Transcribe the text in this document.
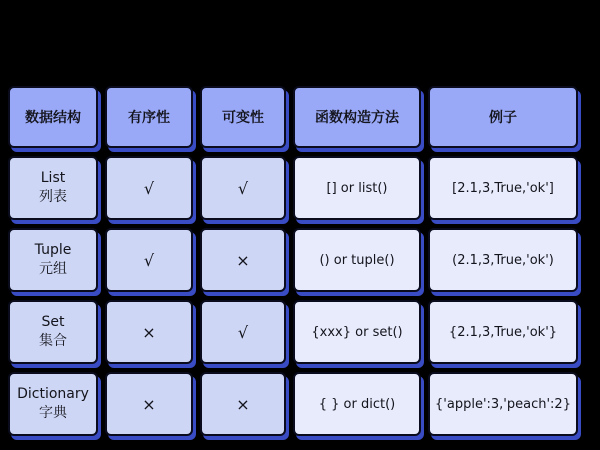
数据结构	有序性	可变性	函数构造方法	例子
List
列表	√	√	[] or list()	[2.1,3,True,'ok']
Tuple
元组	√	×	() or tuple()	(2.1,3,True,'ok')
Set
集合	×	√	{xxx} or set()	{2.1,3,True,'ok'}
Dictionary
字典	×	×	{ } or dict()	{'apple':3,'peach':2}
